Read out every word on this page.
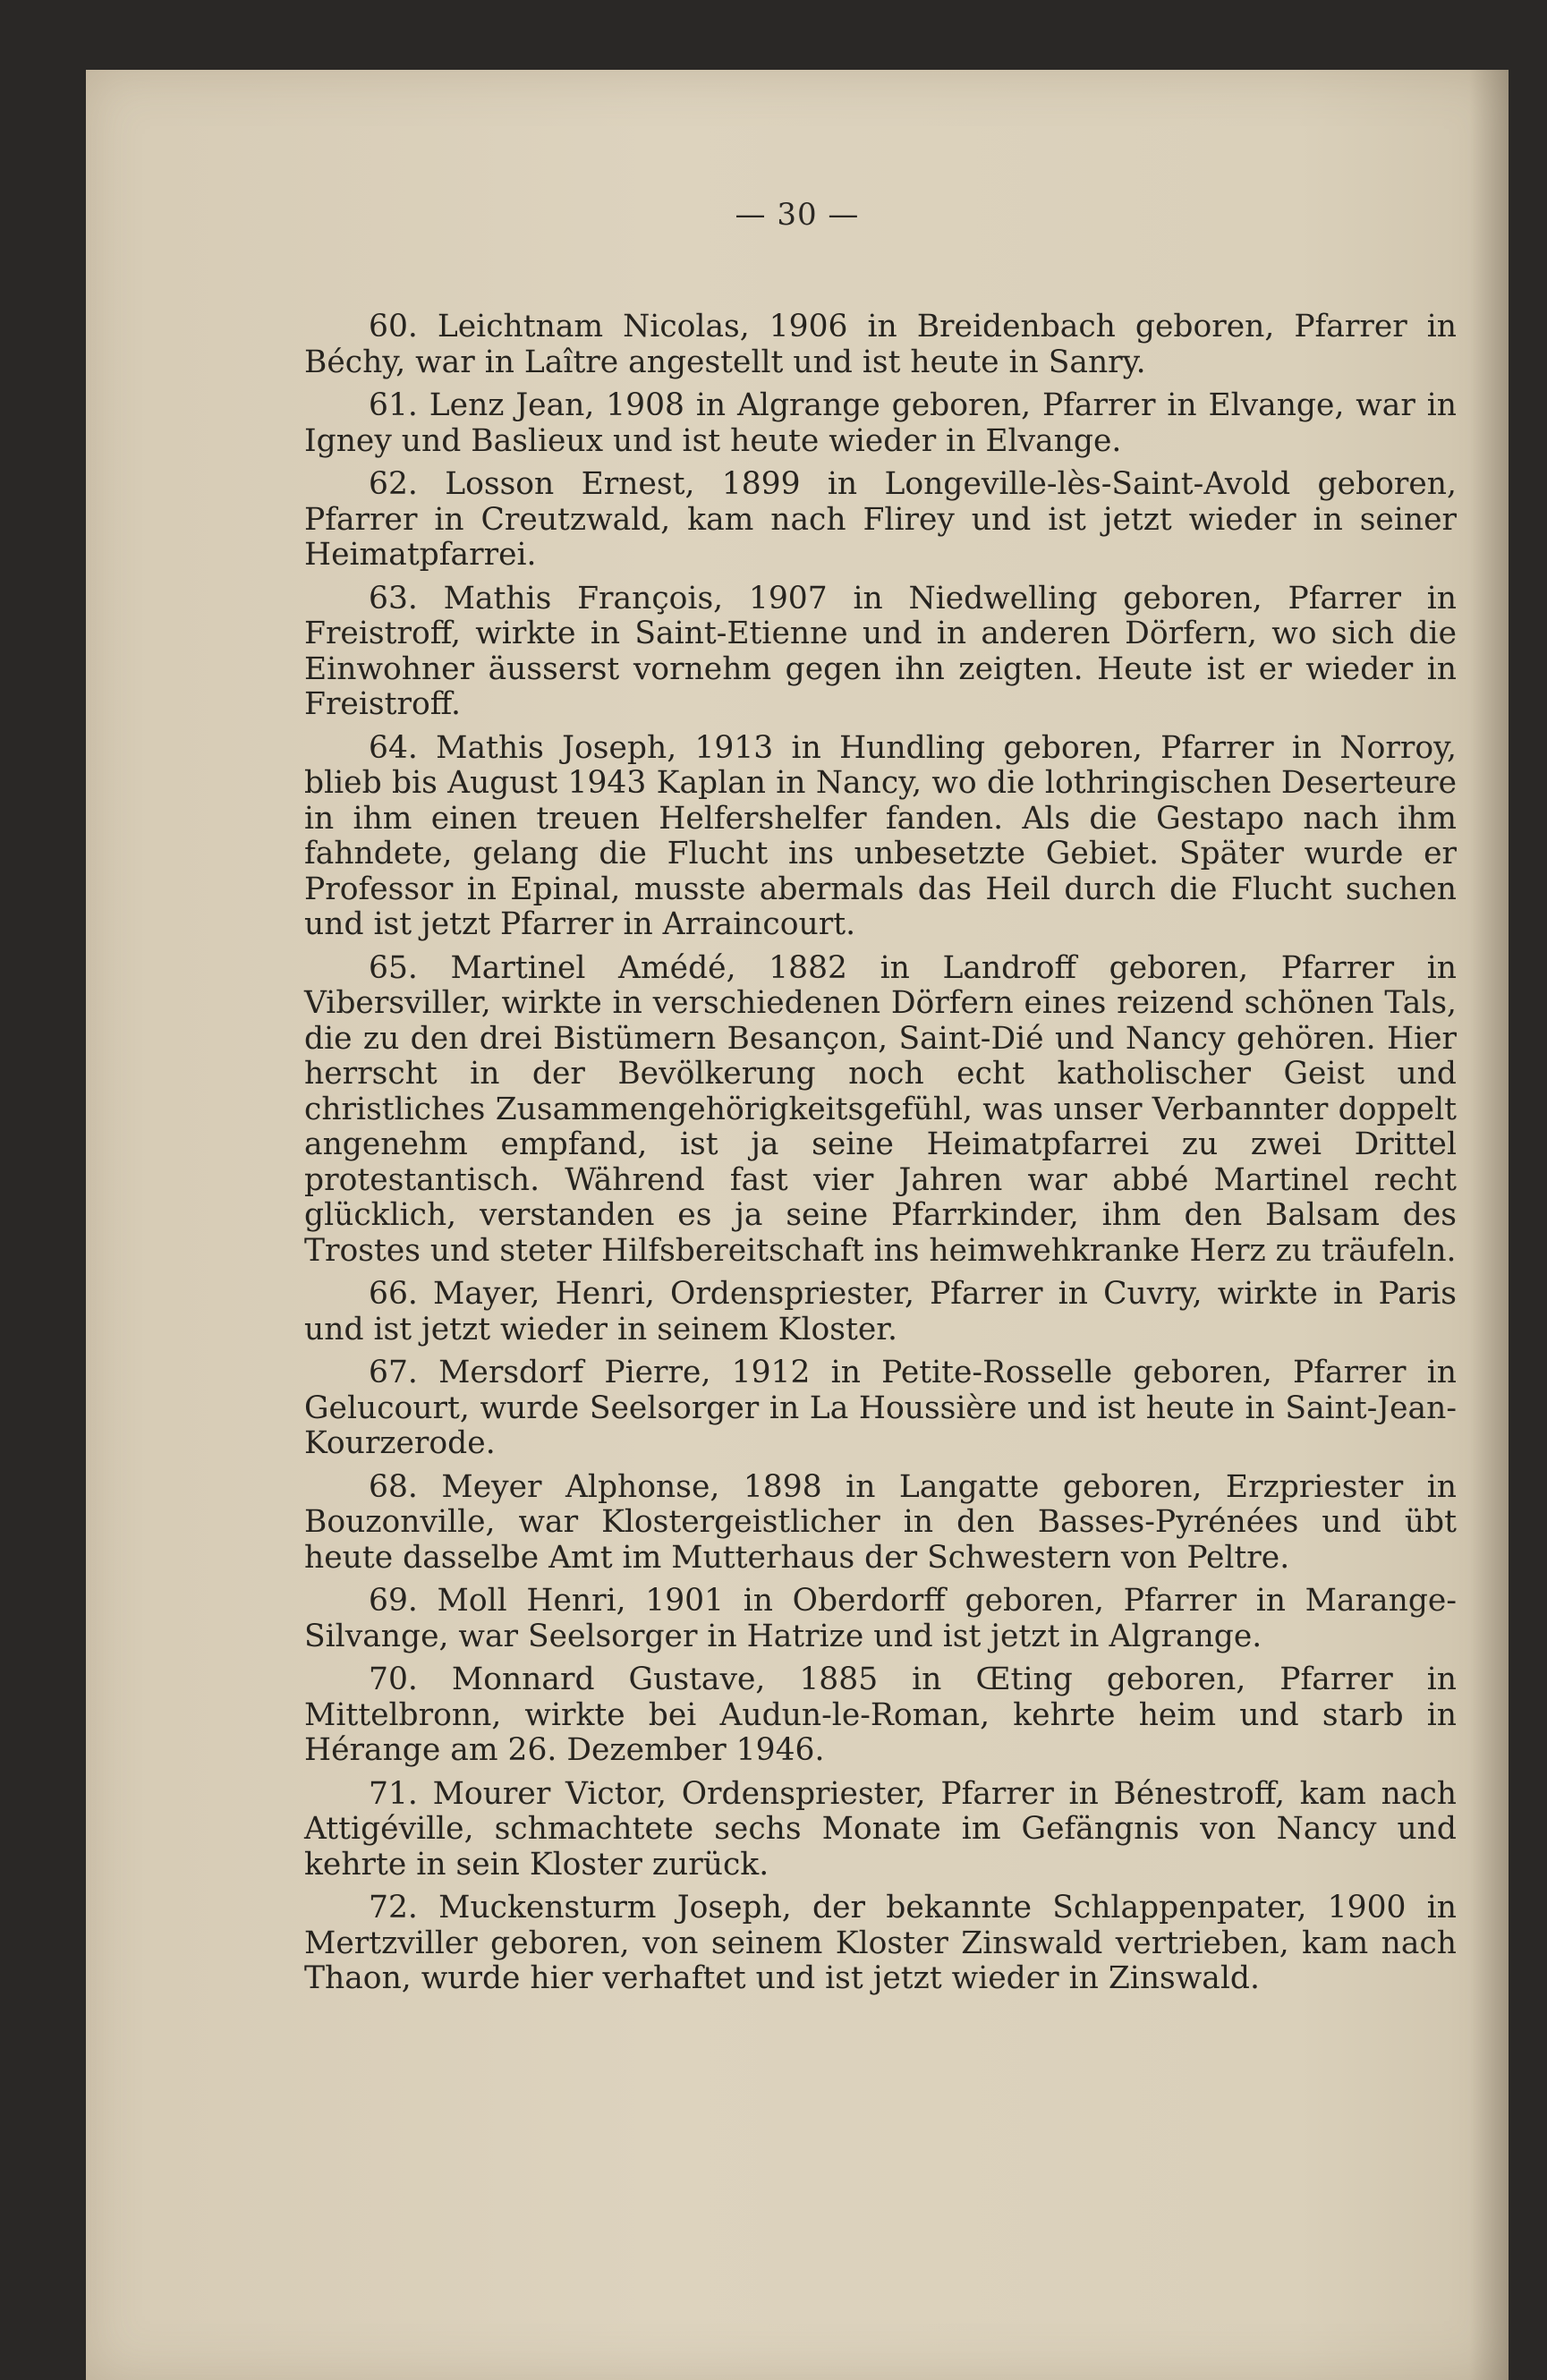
— 30 —

60. Leichtnam Nicolas, 1906 in Breidenbach geboren, Pfarrer in Béchy, war in Laître angestellt und ist heute in Sanry.

61. Lenz Jean, 1908 in Algrange geboren, Pfarrer in Elvange, war in Igney und Baslieux und ist heute wieder in Elvange.

62. Losson Ernest, 1899 in Longeville-lès-Saint-Avold geboren, Pfarrer in Creutzwald, kam nach Flirey und ist jetzt wieder in seiner Heimatpfarrei.

63. Mathis François, 1907 in Niedwelling geboren, Pfarrer in Freistroff, wirkte in Saint-Etienne und in anderen Dörfern, wo sich die Einwohner äusserst vornehm gegen ihn zeigten. Heute ist er wieder in Freistroff.

64. Mathis Joseph, 1913 in Hundling geboren, Pfarrer in Norroy, blieb bis August 1943 Kaplan in Nancy, wo die lothringischen Deserteure in ihm einen treuen Helfershelfer fanden. Als die Gestapo nach ihm fahndete, gelang die Flucht ins unbesetzte Gebiet. Später wurde er Professor in Epinal, musste abermals das Heil durch die Flucht suchen und ist jetzt Pfarrer in Arraincourt.

65. Martinel Amédé, 1882 in Landroff geboren, Pfarrer in Vibersviller, wirkte in verschiedenen Dörfern eines reizend schönen Tals, die zu den drei Bistümern Besançon, Saint-Dié und Nancy gehören. Hier herrscht in der Bevölkerung noch echt katholischer Geist und christliches Zusammengehörigkeitsgefühl, was unser Verbannter doppelt angenehm empfand, ist ja seine Heimatpfarrei zu zwei Drittel protestantisch. Während fast vier Jahren war abbé Martinel recht glücklich, verstanden es ja seine Pfarrkinder, ihm den Balsam des Trostes und steter Hilfsbereitschaft ins heimwehkranke Herz zu träufeln.

66. Mayer, Henri, Ordenspriester, Pfarrer in Cuvry, wirkte in Paris und ist jetzt wieder in seinem Kloster.

67. Mersdorf Pierre, 1912 in Petite-Rosselle geboren, Pfarrer in Gelucourt, wurde Seelsorger in La Houssière und ist heute in Saint-Jean-Kourzerode.

68. Meyer Alphonse, 1898 in Langatte geboren, Erzpriester in Bouzonville, war Klostergeistlicher in den Basses-Pyrénées und übt heute dasselbe Amt im Mutterhaus der Schwestern von Peltre.

69. Moll Henri, 1901 in Oberdorff geboren, Pfarrer in Marange-Silvange, war Seelsorger in Hatrize und ist jetzt in Algrange.

70. Monnard Gustave, 1885 in Œting geboren, Pfarrer in Mittelbronn, wirkte bei Audun-le-Roman, kehrte heim und starb in Hérange am 26. Dezember 1946.

71. Mourer Victor, Ordenspriester, Pfarrer in Bénestroff, kam nach Attigéville, schmachtete sechs Monate im Gefängnis von Nancy und kehrte in sein Kloster zurück.

72. Muckensturm Joseph, der bekannte Schlappenpater, 1900 in Mertzviller geboren, von seinem Kloster Zinswald vertrieben, kam nach Thaon, wurde hier verhaftet und ist jetzt wieder in Zinswald.
